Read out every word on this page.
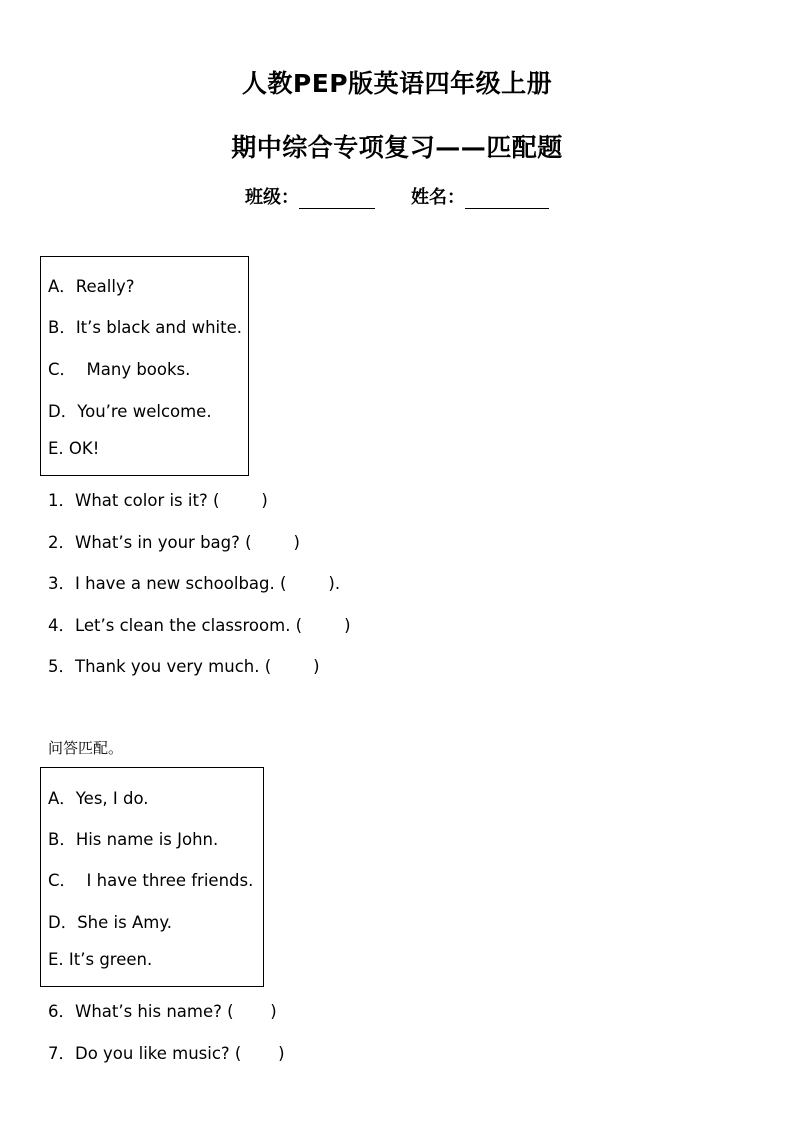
人教PEP版英语四年级上册
期中综合专项复习——匹配题
班级：	姓名：
A．Really?
B．It’s black and white.
C．  Many books.
D．You’re welcome.
E. OK!
1．What color is it? (        )
2．What’s in your bag? (        )
3．I have a new schoolbag. (        ).
4．Let’s clean the classroom. (        )
5．Thank you very much. (        )
问答匹配。
A．Yes, I do.
B．His name is John.
C．  I have three friends.
D．She is Amy.
E. It’s green.
6．What’s his name? (       )
7．Do you like music? (       )
